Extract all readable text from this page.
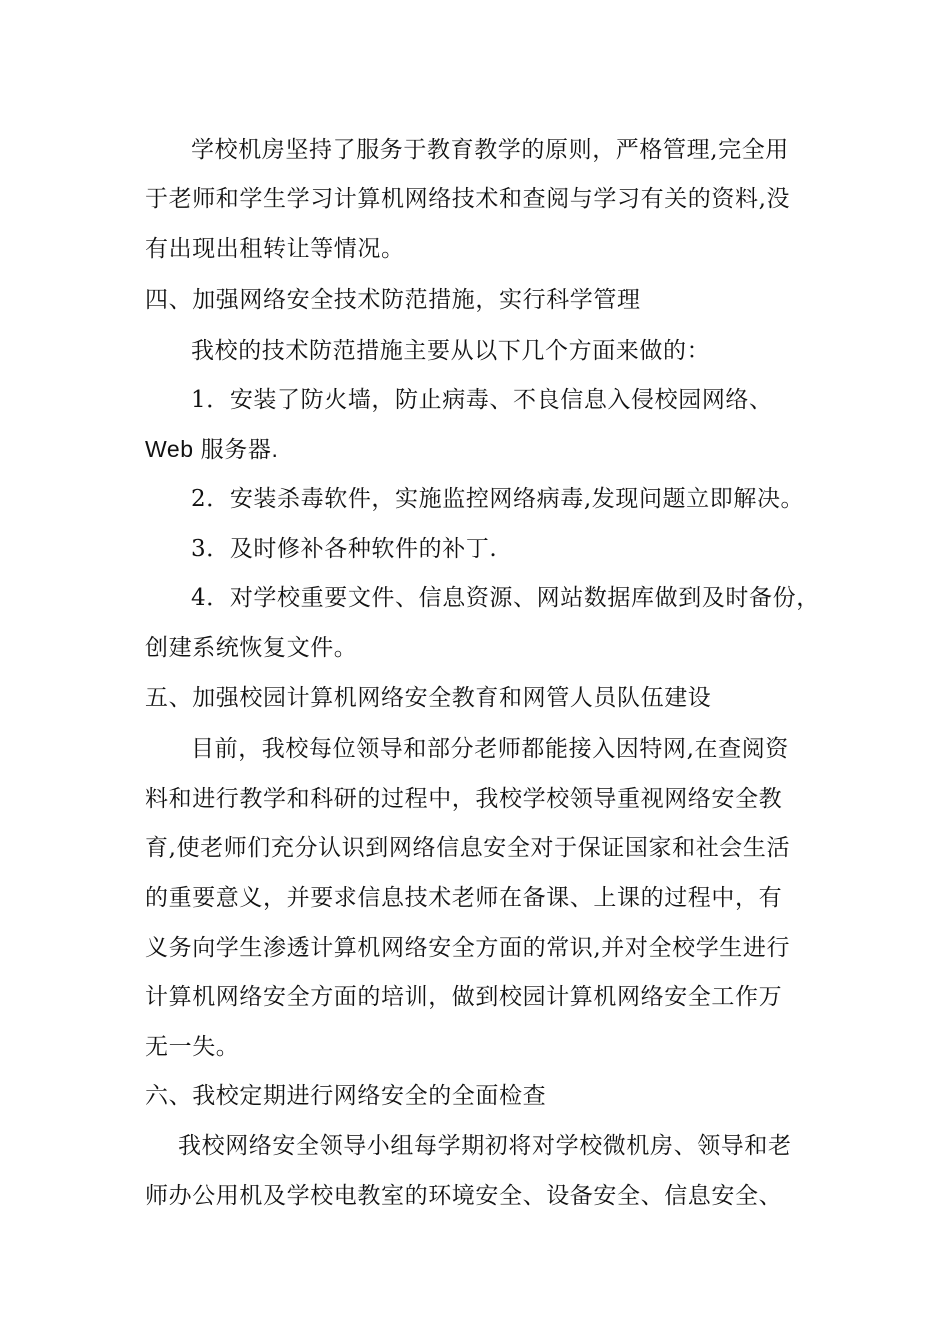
学校机房坚持了服务于教育教学的原则，严格管理,完全用
于老师和学生学习计算机网络技术和查阅与学习有关的资料,没
有出现出租转让等情况。
四、加强网络安全技术防范措施，实行科学管理
我校的技术防范措施主要从以下几个方面来做的：
1．安装了防火墙，防止病毒、不良信息入侵校园网络、
Web 服务器.
2．安装杀毒软件，实施监控网络病毒,发现问题立即解决。
3．及时修补各种软件的补丁.
4．对学校重要文件、信息资源、网站数据库做到及时备份，
创建系统恢复文件。
五、加强校园计算机网络安全教育和网管人员队伍建设
目前，我校每位领导和部分老师都能接入因特网,在查阅资
料和进行教学和科研的过程中，我校学校领导重视网络安全教
育,使老师们充分认识到网络信息安全对于保证国家和社会生活
的重要意义，并要求信息技术老师在备课、上课的过程中，有
义务向学生渗透计算机网络安全方面的常识,并对全校学生进行
计算机网络安全方面的培训，做到校园计算机网络安全工作万
无一失。
六、我校定期进行网络安全的全面检查
我校网络安全领导小组每学期初将对学校微机房、领导和老
师办公用机及学校电教室的环境安全、设备安全、信息安全、
